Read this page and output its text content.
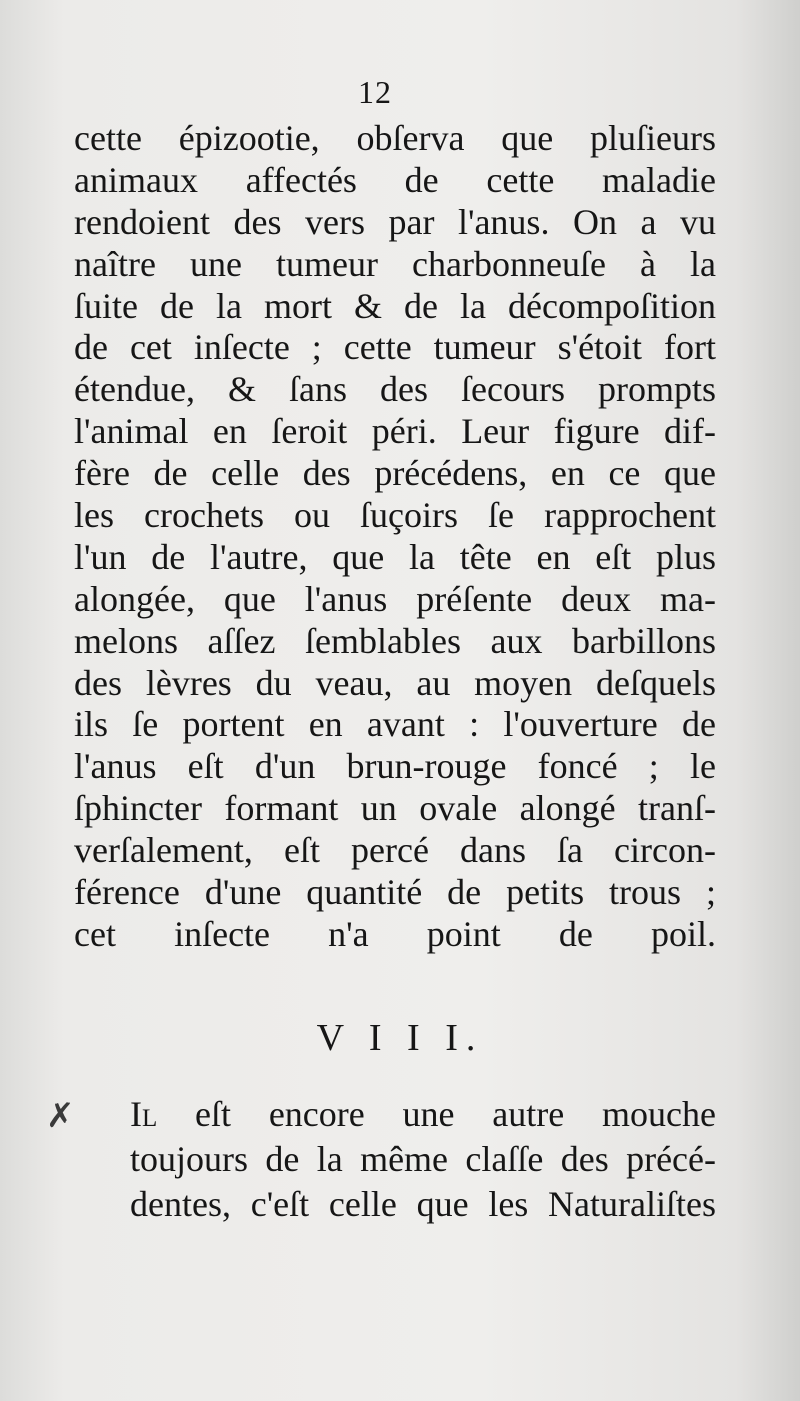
12
cette épizootie, obſerva que pluſieurs
animaux affectés de cette maladie
rendoient des vers par l'anus. On a vu
naître une tumeur charbonneuſe à la
ſuite de la mort & de la décompoſition
de cet inſecte ; cette tumeur s'étoit fort
étendue, & ſans des ſecours prompts
l'animal en ſeroit péri. Leur figure dif-
fère de celle des précédens, en ce que
les crochets ou ſuçoirs ſe rapprochent
l'un de l'autre, que la tête en eſt plus
alongée, que l'anus préſente deux ma-
melons aſſez ſemblables aux barbillons
des lèvres du veau, au moyen deſquels
ils ſe portent en avant : l'ouverture de
l'anus eſt d'un brun-rouge foncé ; le
ſphincter formant un ovale alongé tranſ-
verſalement, eſt percé dans ſa circon-
férence d'une quantité de petits trous ;
cet inſecte n'a point de poil.
V I I I.
✗ Il eſt encore une autre mouche
toujours de la même claſſe des précé-
dentes, c'eſt celle que les Naturaliſtes
